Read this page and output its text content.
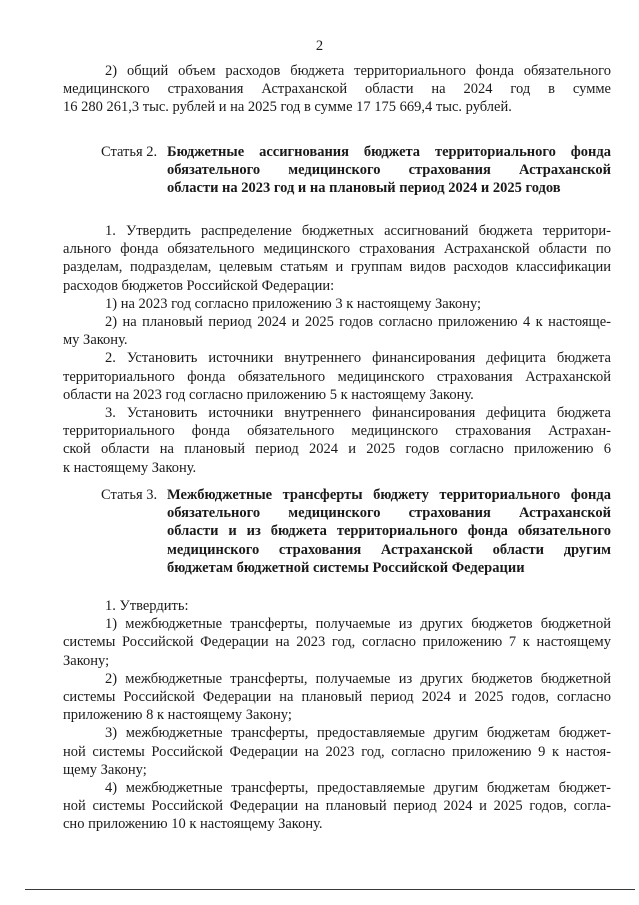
2
2) общий объем расходов бюджета территориального фонда обязательного
медицинского страхования Астраханской области на 2024 год в сумме
16 280 261,3 тыс. рублей и на 2025 год в сумме 17 175 669,4 тыс. рублей.
Статья 2. Бюджетные ассигнования бюджета территориального фонда
обязательного медицинского страхования Астраханской
области на 2023 год и на плановый период 2024 и 2025 годов
1. Утвердить распределение бюджетных ассигнований бюджета территори-
ального фонда обязательного медицинского страхования Астраханской области по
разделам, подразделам, целевым статьям и группам видов расходов классификации
расходов бюджетов Российской Федерации:
1) на 2023 год согласно приложению 3 к настоящему Закону;
2) на плановый период 2024 и 2025 годов согласно приложению 4 к настояще-
му Закону.
2. Установить источники внутреннего финансирования дефицита бюджета
территориального фонда обязательного медицинского страхования Астраханской
области на 2023 год согласно приложению 5 к настоящему Закону.
3. Установить источники внутреннего финансирования дефицита бюджета
территориального фонда обязательного медицинского страхования Астрахан-
ской области на плановый период 2024 и 2025 годов согласно приложению 6
к настоящему Закону.
Статья 3. Межбюджетные трансферты бюджету территориального фонда
обязательного медицинского страхования Астраханской
области и из бюджета территориального фонда обязательного
медицинского страхования Астраханской области другим
бюджетам бюджетной системы Российской Федерации
1. Утвердить:
1) межбюджетные трансферты, получаемые из других бюджетов бюджетной
системы Российской Федерации на 2023 год, согласно приложению 7 к настоящему
Закону;
2) межбюджетные трансферты, получаемые из других бюджетов бюджетной
системы Российской Федерации на плановый период 2024 и 2025 годов, согласно
приложению 8 к настоящему Закону;
3) межбюджетные трансферты, предоставляемые другим бюджетам бюджет-
ной системы Российской Федерации на 2023 год, согласно приложению 9 к настоя-
щему Закону;
4) межбюджетные трансферты, предоставляемые другим бюджетам бюджет-
ной системы Российской Федерации на плановый период 2024 и 2025 годов, согла-
сно приложению 10 к настоящему Закону.
